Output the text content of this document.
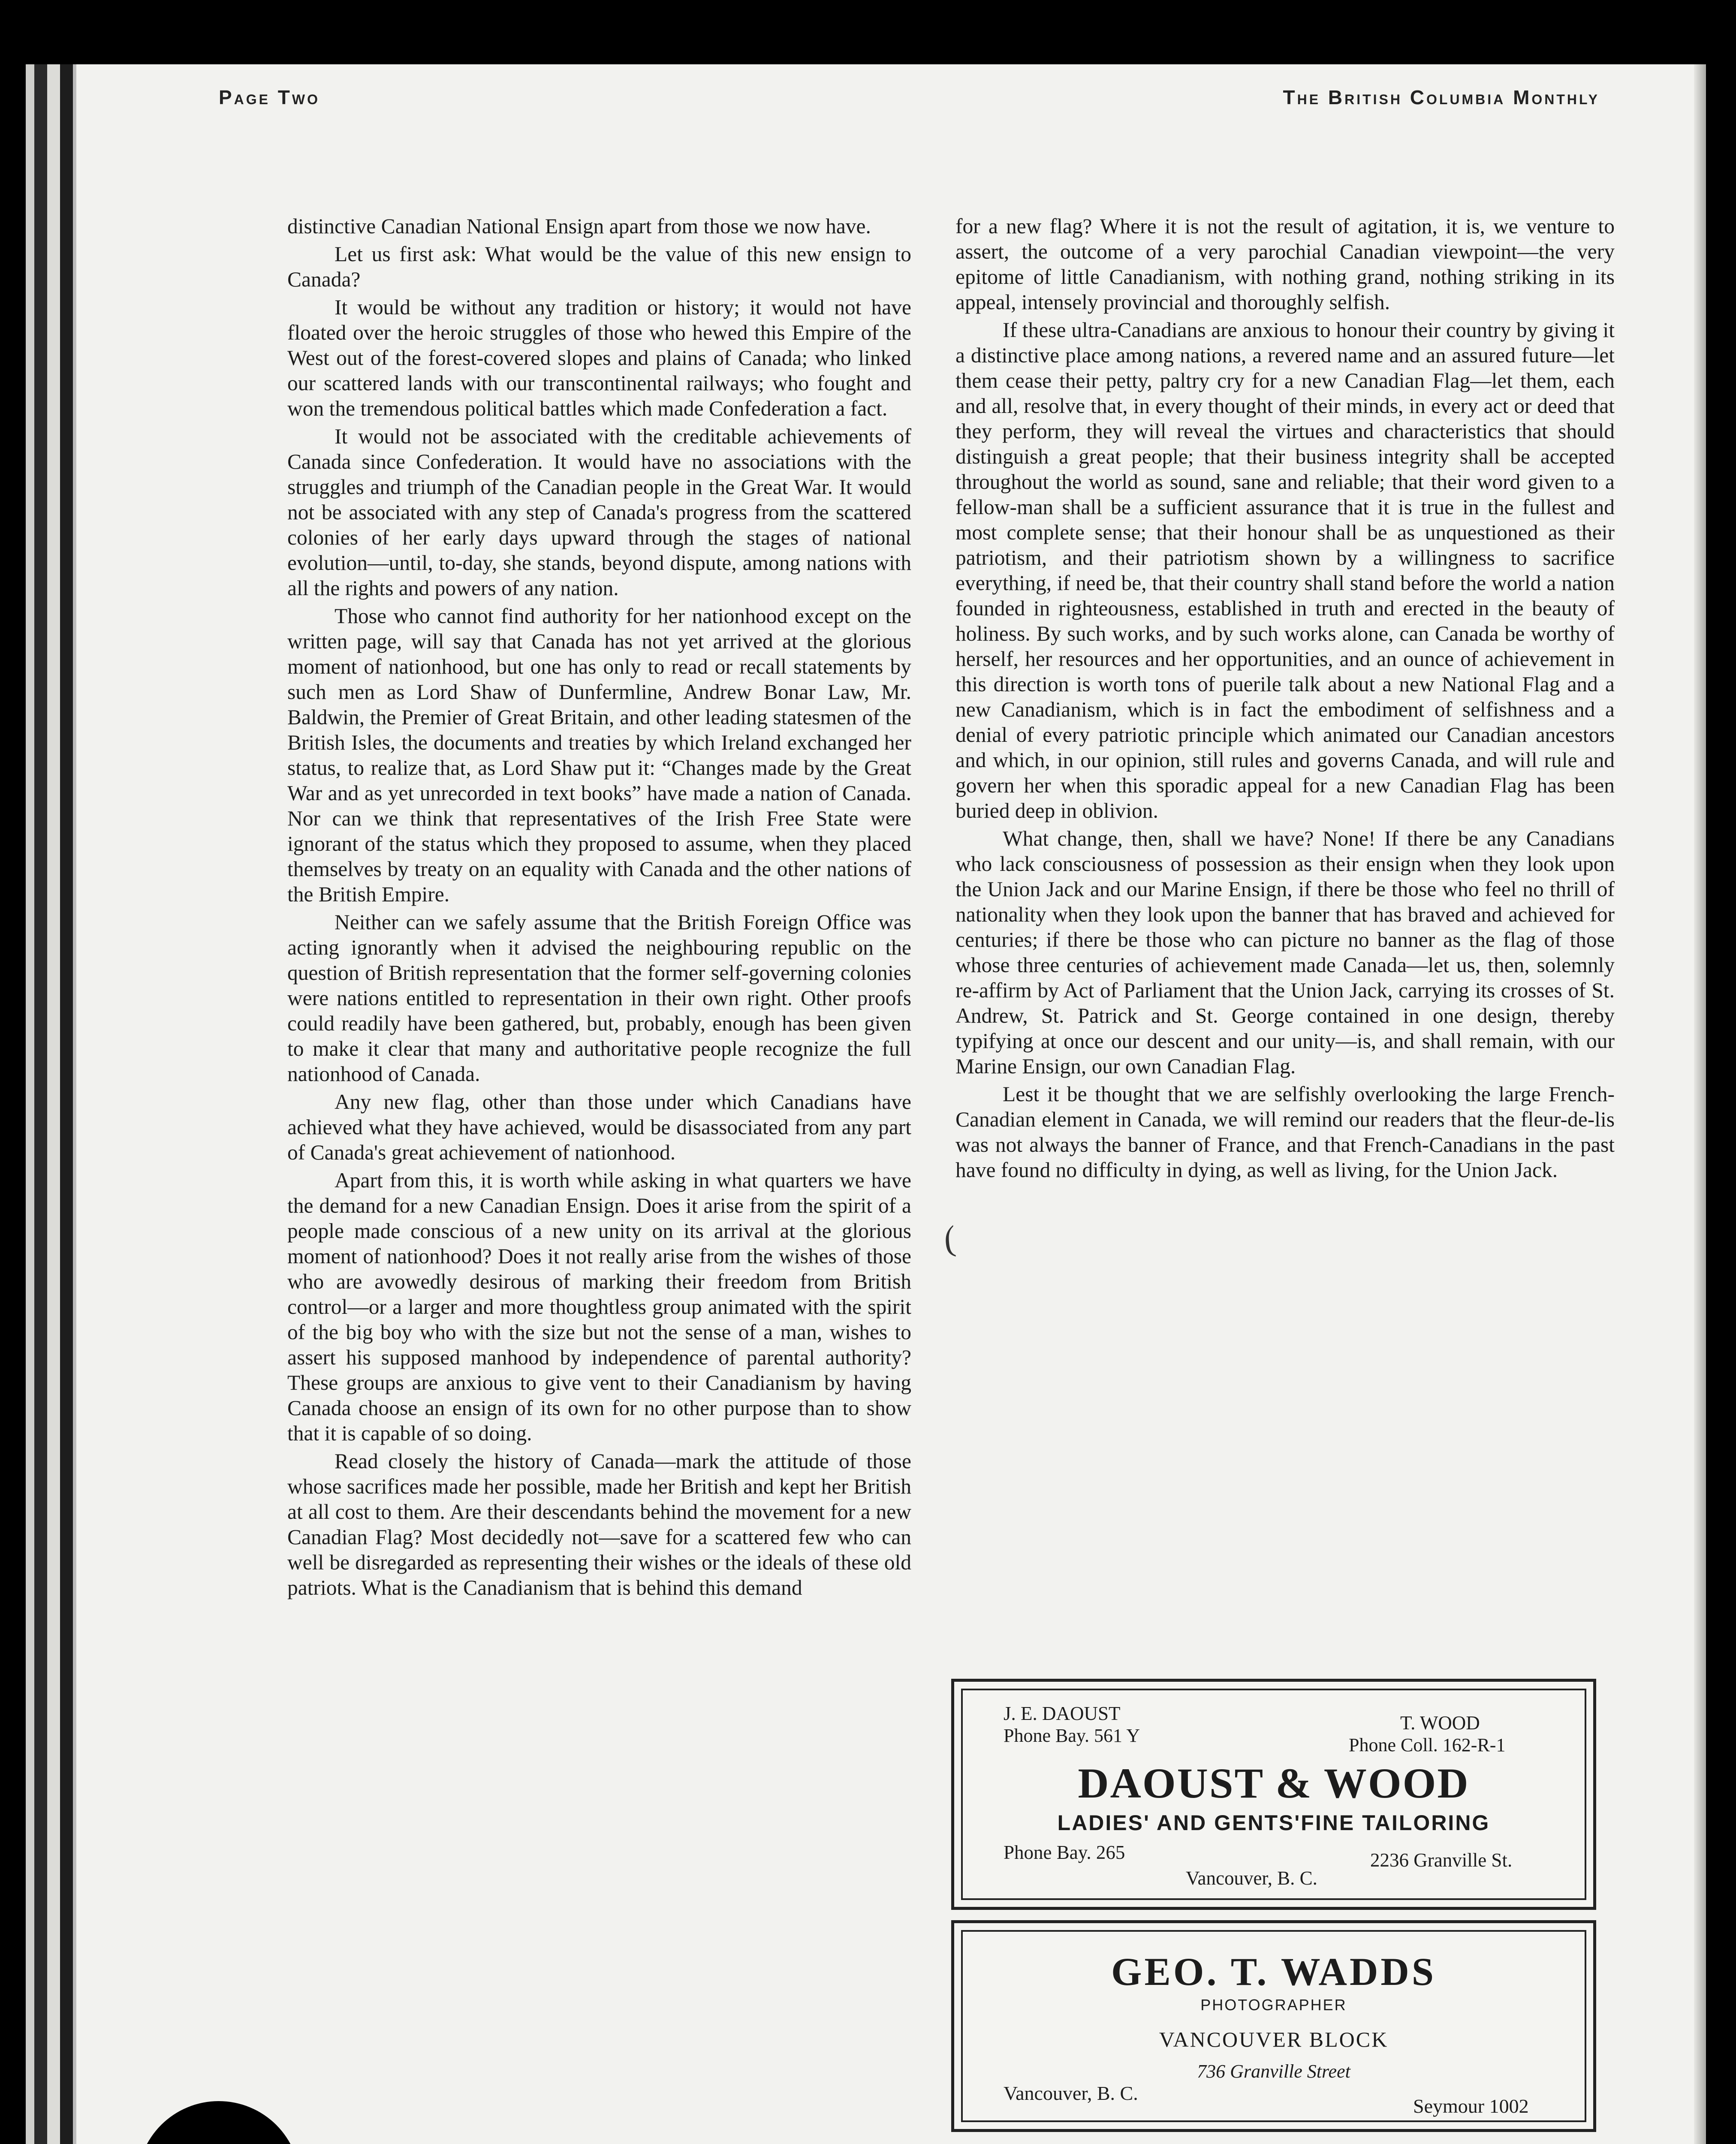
Page Two	The British Columbia Monthly

distinctive Canadian National Ensign apart from those we now have.

Let us first ask: What would be the value of this new ensign to Canada?

It would be without any tradition or history; it would not have floated over the heroic struggles of those who hewed this Empire of the West out of the forest-covered slopes and plains of Canada; who linked our scattered lands with our transcontinental railways; who fought and won the tremendous political battles which made Confederation a fact.

It would not be associated with the creditable achievements of Canada since Confederation. It would have no associations with the struggles and triumph of the Canadian people in the Great War. It would not be associated with any step of Canada's progress from the scattered colonies of her early days upward through the stages of national evolution—until, to-day, she stands, beyond dispute, among nations with all the rights and powers of any nation.

Those who cannot find authority for her nationhood except on the written page, will say that Canada has not yet arrived at the glorious moment of nationhood, but one has only to read or recall statements by such men as Lord Shaw of Dunfermline, Andrew Bonar Law, Mr. Baldwin, the Premier of Great Britain, and other leading statesmen of the British Isles, the documents and treaties by which Ireland exchanged her status, to realize that, as Lord Shaw put it: “Changes made by the Great War and as yet unrecorded in text books” have made a nation of Canada. Nor can we think that representatives of the Irish Free State were ignorant of the status which they proposed to assume, when they placed themselves by treaty on an equality with Canada and the other nations of the British Empire.

Neither can we safely assume that the British Foreign Office was acting ignorantly when it advised the neighbouring republic on the question of British representation that the former self-governing colonies were nations entitled to representation in their own right. Other proofs could readily have been gathered, but, probably, enough has been given to make it clear that many and authoritative people recognize the full nationhood of Canada.

Any new flag, other than those under which Canadians have achieved what they have achieved, would be disassociated from any part of Canada's great achievement of nationhood.

Apart from this, it is worth while asking in what quarters we have the demand for a new Canadian Ensign. Does it arise from the spirit of a people made conscious of a new unity on its arrival at the glorious moment of nationhood? Does it not really arise from the wishes of those who are avowedly desirous of marking their freedom from British control—or a larger and more thoughtless group animated with the spirit of the big boy who with the size but not the sense of a man, wishes to assert his supposed manhood by independence of parental authority? These groups are anxious to give vent to their Canadianism by having Canada choose an ensign of its own for no other purpose than to show that it is capable of so doing.

Read closely the history of Canada—mark the attitude of those whose sacrifices made her possible, made her British and kept her British at all cost to them. Are their descendants behind the movement for a new Canadian Flag? Most decidedly not—save for a scattered few who can well be disregarded as representing their wishes or the ideals of these old patriots. What is the Canadianism that is behind this demand

for a new flag? Where it is not the result of agitation, it is, we venture to assert, the outcome of a very parochial Canadian viewpoint—the very epitome of little Canadianism, with nothing grand, nothing striking in its appeal, intensely provincial and thoroughly selfish.

If these ultra-Canadians are anxious to honour their country by giving it a distinctive place among nations, a revered name and an assured future—let them cease their petty, paltry cry for a new Canadian Flag—let them, each and all, resolve that, in every thought of their minds, in every act or deed that they perform, they will reveal the virtues and characteristics that should distinguish a great people; that their business integrity shall be accepted throughout the world as sound, sane and reliable; that their word given to a fellow-man shall be a sufficient assurance that it is true in the fullest and most complete sense; that their honour shall be as unquestioned as their patriotism, and their patriotism shown by a willingness to sacrifice everything, if need be, that their country shall stand before the world a nation founded in righteousness, established in truth and erected in the beauty of holiness. By such works, and by such works alone, can Canada be worthy of herself, her resources and her opportunities, and an ounce of achievement in this direction is worth tons of puerile talk about a new National Flag and a new Canadianism, which is in fact the embodiment of selfishness and a denial of every patriotic principle which animated our Canadian ancestors and which, in our opinion, still rules and governs Canada, and will rule and govern her when this sporadic appeal for a new Canadian Flag has been buried deep in oblivion.

What change, then, shall we have? None! If there be any Canadians who lack consciousness of possession as their ensign when they look upon the Union Jack and our Marine Ensign, if there be those who feel no thrill of nationality when they look upon the banner that has braved and achieved for centuries; if there be those who can picture no banner as the flag of those whose three centuries of achievement made Canada—let us, then, solemnly re-affirm by Act of Parliament that the Union Jack, carrying its crosses of St. Andrew, St. Patrick and St. George contained in one design, thereby typifying at once our descent and our unity—is, and shall remain, with our Marine Ensign, our own Canadian Flag.

Lest it be thought that we are selfishly overlooking the large French-Canadian element in Canada, we will remind our readers that the fleur-de-lis was not always the banner of France, and that French-Canadians in the past have found no difficulty in dying, as well as living, for the Union Jack.

J. E. DAOUST
Phone Bay. 561 Y
T. WOOD
Phone Coll. 162-R-1
DAOUST & WOOD
LADIES' AND GENTS'FINE TAILORING
Phone Bay. 265	2236 Granville St.
Vancouver, B. C.
GEO. T. WADDS
PHOTOGRAPHER
VANCOUVER BLOCK
736 Granville Street
Vancouver, B. C.
Seymour 1002
(
